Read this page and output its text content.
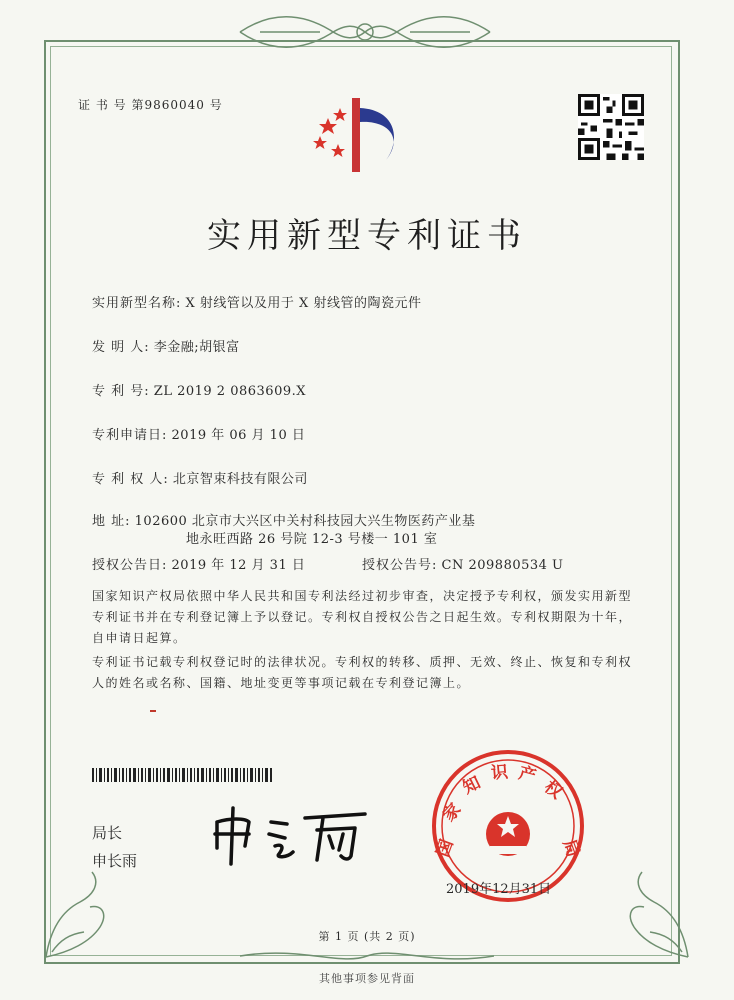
证 书 号 第9860040 号
实用新型专利证书
实用新型名称: X 射线管以及用于 X 射线管的陶瓷元件
发 明 人: 李金融;胡银富
专 利 号: ZL 2019 2 0863609.X
专利申请日: 2019 年 06 月 10 日
专 利 权 人: 北京智束科技有限公司
地 址: 102600 北京市大兴区中关村科技园大兴生物医药产业基
地永旺西路 26 号院 12-3 号楼一 101 室
授权公告日: 2019 年 12 月 31 日	授权公告号: CN 209880534 U
国家知识产权局依照中华人民共和国专利法经过初步审查，决定授予专利权，颁发实用新型专利证书并在专利登记簿上予以登记。专利权自授权公告之日起生效。专利权期限为十年，自申请日起算。
专利证书记载专利权登记时的法律状况。专利权的转移、质押、无效、终止、恢复和专利权人的姓名或名称、国籍、地址变更等事项记载在专利登记簿上。
局长
申长雨
国
家
知
识 产
权
局
2019年12月31日
第 1 页 (共 2 页)
其他事项参见背面
